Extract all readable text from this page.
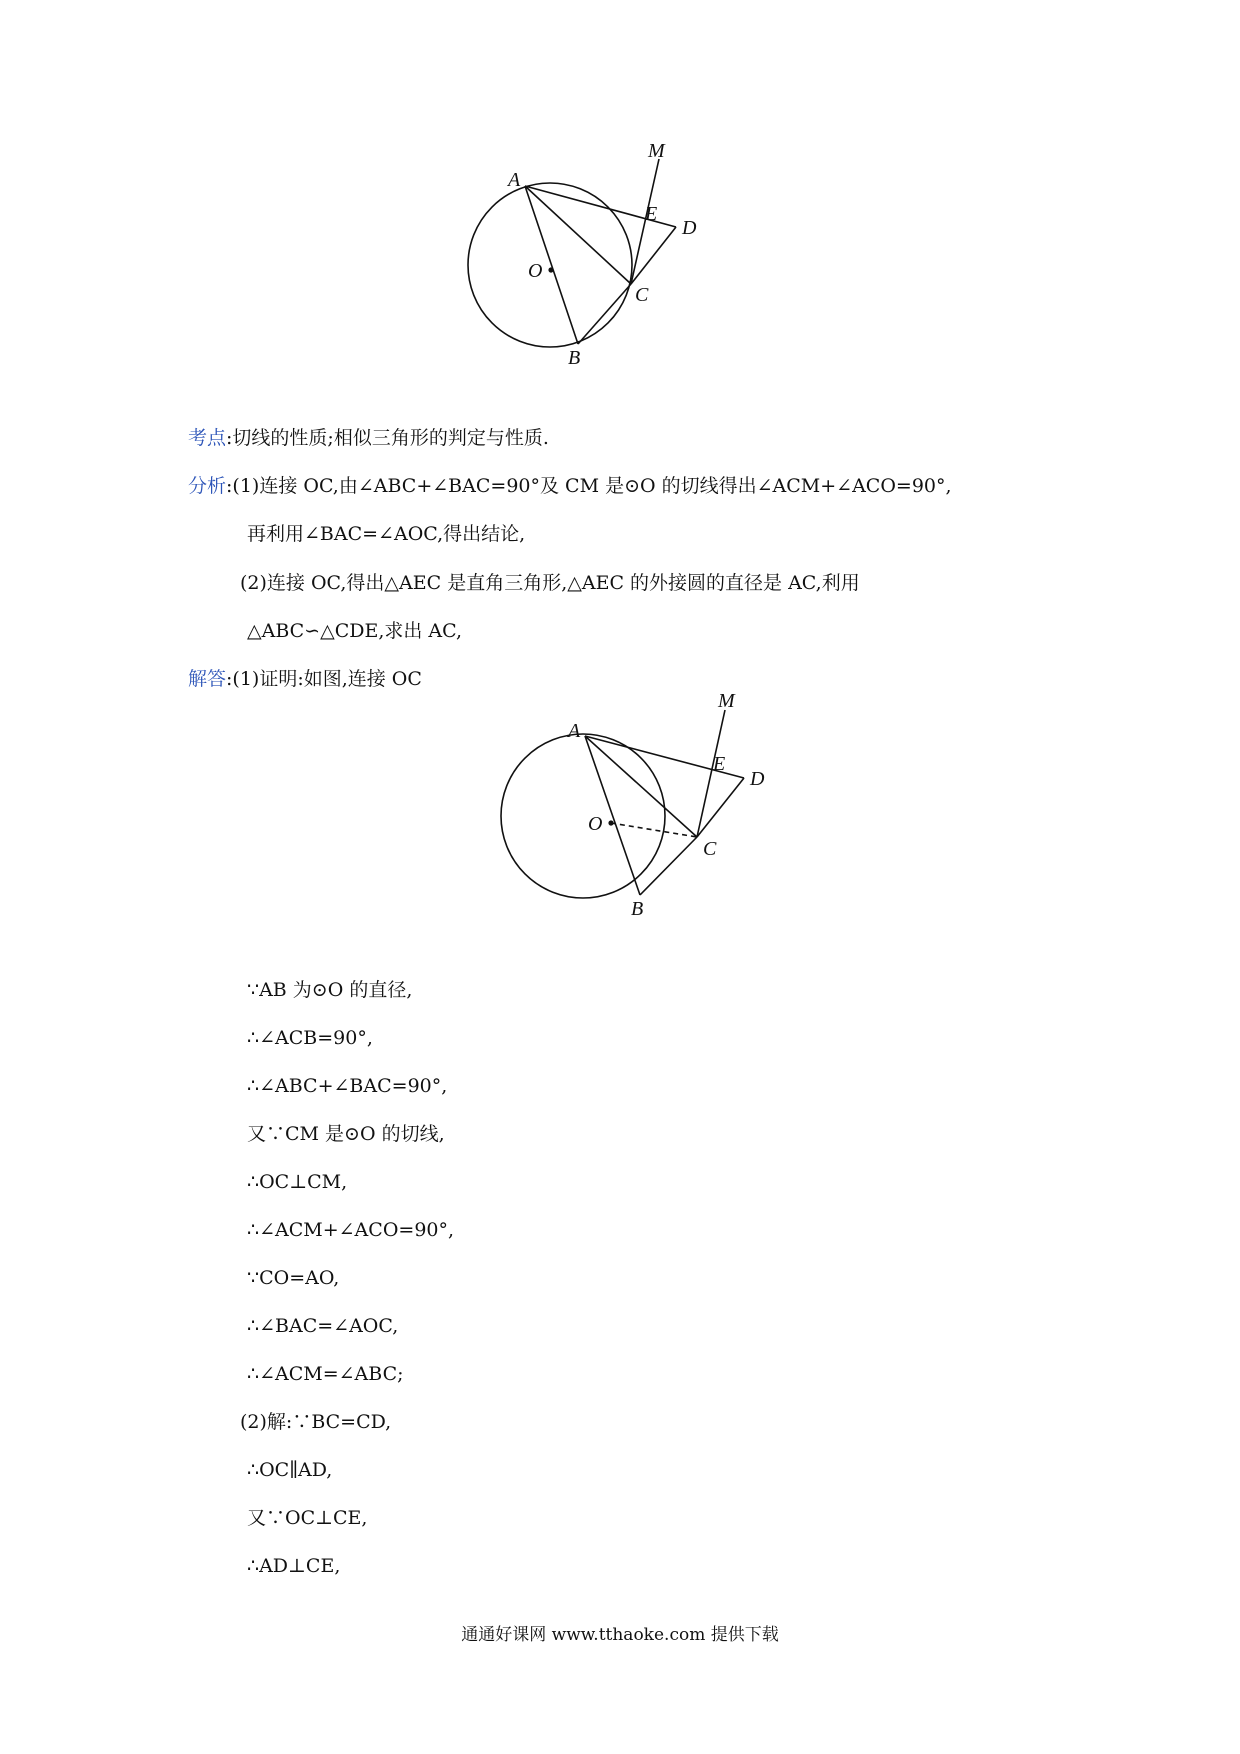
A
B
C
D
E
M
O
考点:切线的性质;相似三角形的判定与性质.
分析:(1)连接 OC,由∠ABC+∠BAC=90°及 CM 是⊙O 的切线得出∠ACM+∠ACO=90°,
再利用∠BAC=∠AOC,得出结论,
(2)连接 OC,得出△AEC 是直角三角形,△AEC 的外接圆的直径是 AC,利用
△ABC∽△CDE,求出 AC,
解答:(1)证明:如图,连接 OC
A
B
C
D
E
M
O
∵AB 为⊙O 的直径,
∴∠ACB=90°,
∴∠ABC+∠BAC=90°,
又∵CM 是⊙O 的切线,
∴OC⊥CM,
∴∠ACM+∠ACO=90°,
∵CO=AO,
∴∠BAC=∠AOC,
∴∠ACM=∠ABC;
(2)解:∵BC=CD,
∴OC∥AD,
又∵OC⊥CE,
∴AD⊥CE,
通通好课网 www.tthaoke.com 提供下载
